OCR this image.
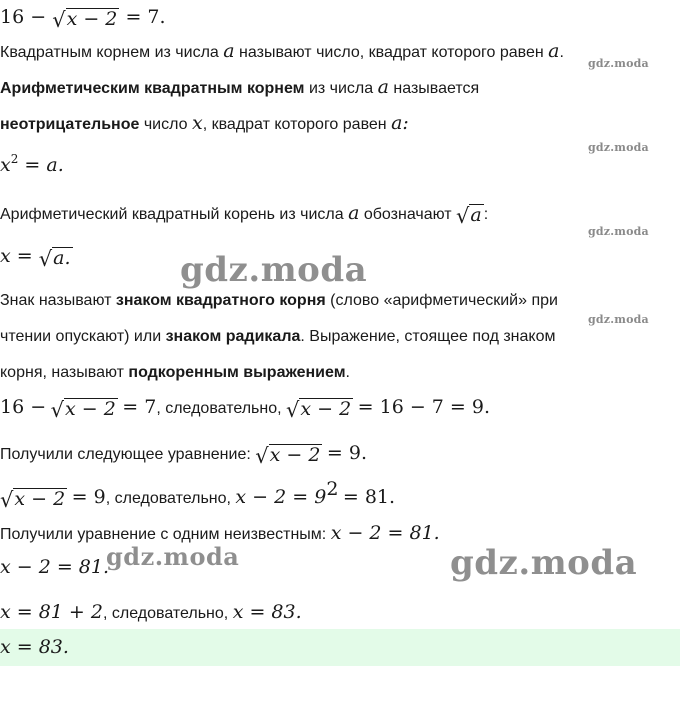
16 − √ x − 2 = 7.
Квадратным корнем из числа a называют число, квадрат которого равен a.
gdz.moda
Арифметическим квадратным корнем из числа a называется
неотрицательное число x, квадрат которого равен a:
gdz.moda
$x^2 = a$.
Арифметический квадратный корень из числа a обозначают √ a :
gdz.moda
x = √ a.	gdz.moda
Знак называют знаком квадратного корня (слово «арифметический» при
gdz.moda
чтении опускают) или знаком радикала. Выражение, стоящее под знаком
корня, называют подкоренным выражением.
16 − √ x − 2 = 7, следовательно, √ x − 2 = 16 − 7 = 9.
Получили следующее уравнение: √ x − 2 = 9.
√ x − 2 = 9, следовательно, $x - 2 = 9^2 = 81$.
Получили уравнение с одним неизвестным: x − 2 = 81.
x − 2 = 81.
gdz.moda	gdz.moda
x = 81 + 2, следовательно, x = 83.
x = 83.
